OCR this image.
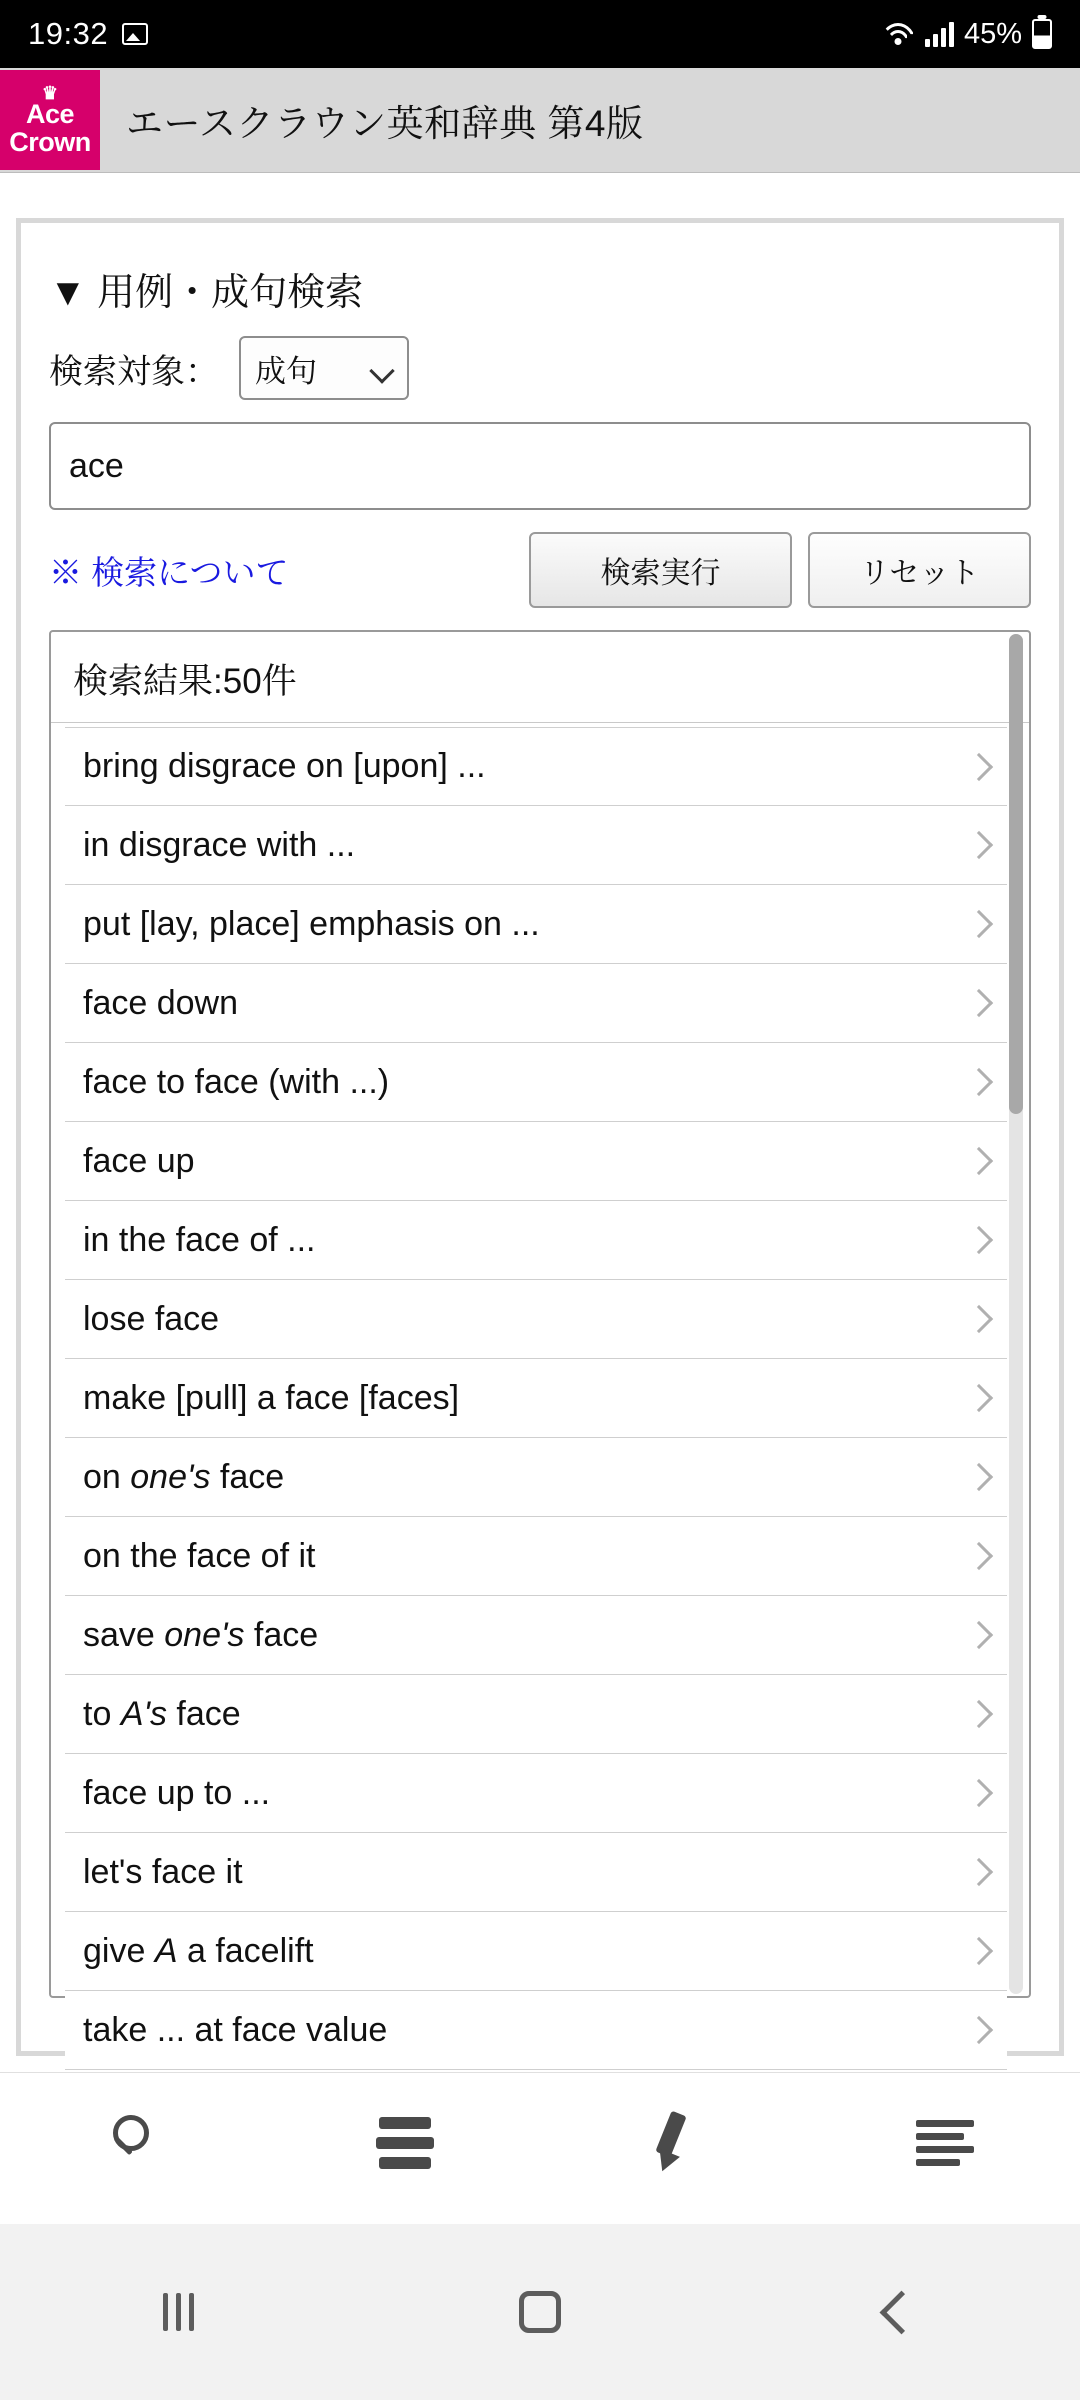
19:32	45%
♛
Ace
Crown エースクラウン英和辞典 第4版
▼ 用例・成句検索
検索対象： 成句
ace
※ 検索について	検索実行	リセット
検索結果:50件
bring disgrace on [upon] ...
in disgrace with ...
put [lay, place] emphasis on ...
face down
face to face (with ...)
face up
in the face of ...
lose face
make [pull] a face [faces]
on one's face
on the face of it
save one's face
to A's face
face up to ...
let's face it
give A a facelift
take ... at face value
